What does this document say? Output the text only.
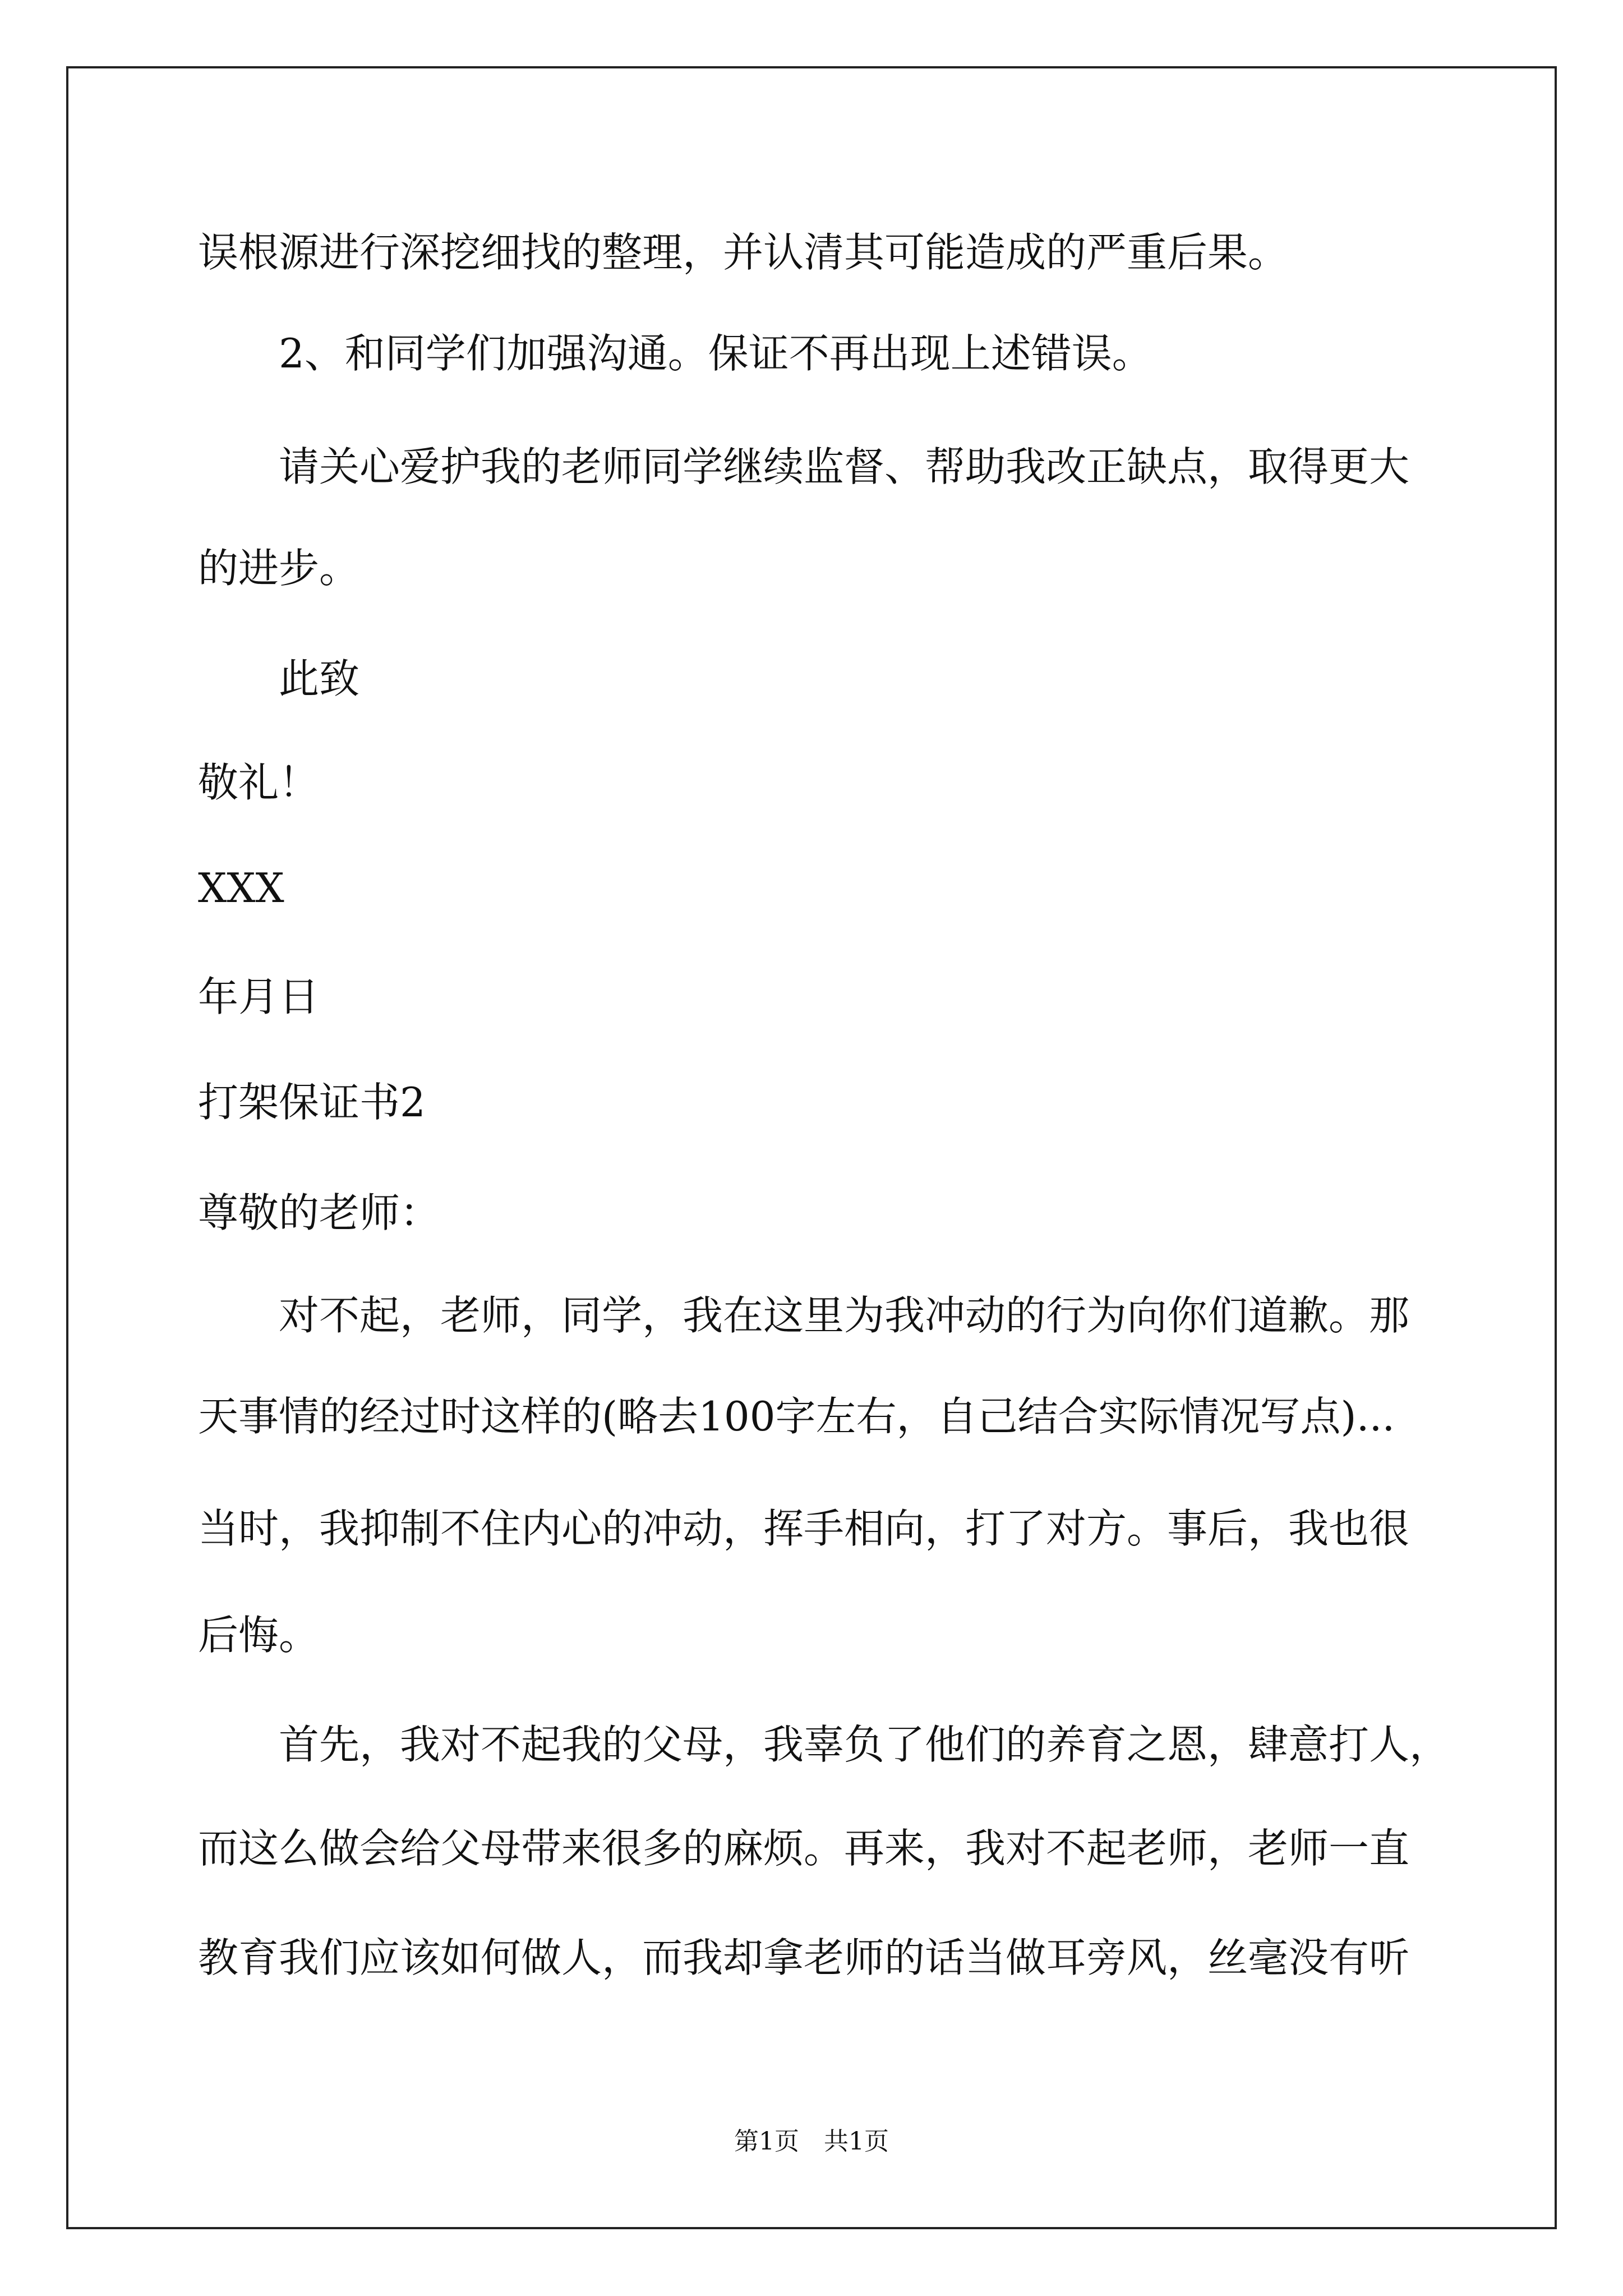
误根源进行深挖细找的整理，并认清其可能造成的严重后果。
2、和同学们加强沟通。保证不再出现上述错误。
请关心爱护我的老师同学继续监督、帮助我改正缺点，取得更大
的进步。
此致
敬礼！
XXX
年月日
打架保证书2
尊敬的老师：
对不起，老师，同学，我在这里为我冲动的行为向你们道歉。那
天事情的经过时这样的(略去100字左右，自己结合实际情况写点)...
当时，我抑制不住内心的冲动，挥手相向，打了对方。事后，我也很
后悔。
首先，我对不起我的父母，我辜负了他们的养育之恩，肆意打人，
而这么做会给父母带来很多的麻烦。再来，我对不起老师，老师一直
教育我们应该如何做人，而我却拿老师的话当做耳旁风，丝毫没有听
第1页　共1页
